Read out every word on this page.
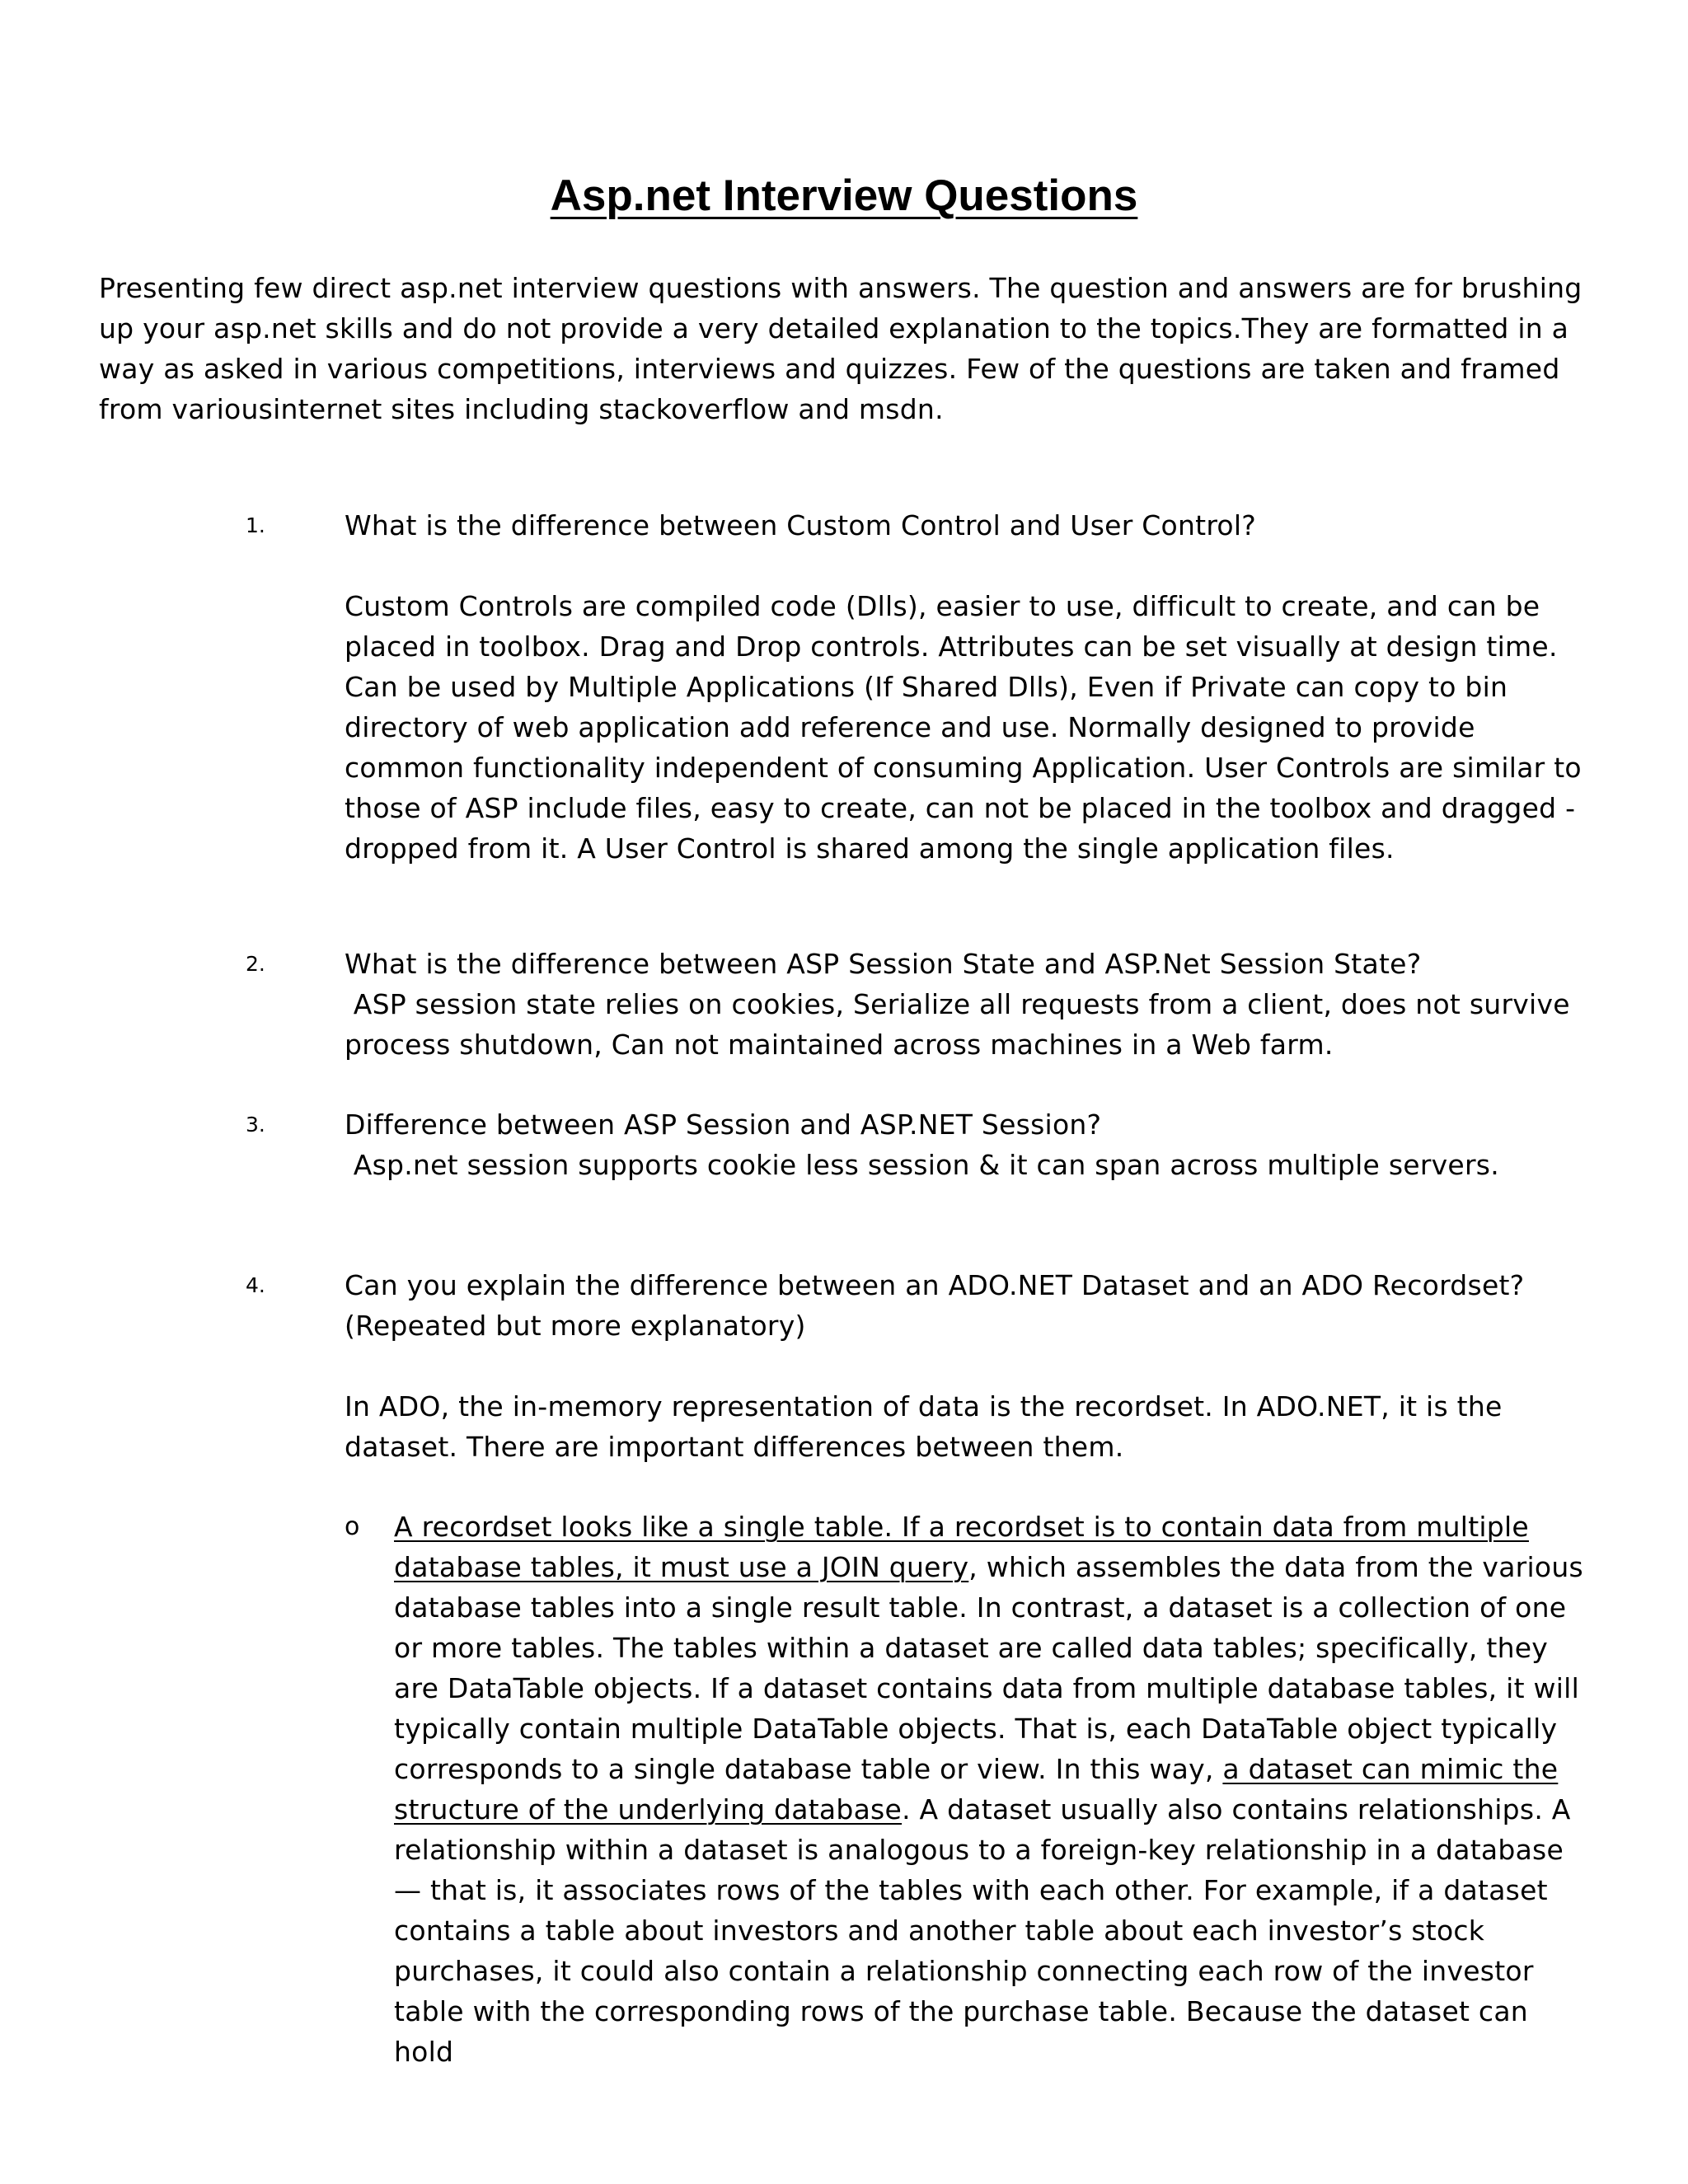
Asp.net Interview Questions
Presenting few direct asp.net interview questions with answers. The question and answers are for brushing up your asp.net skills and do not provide a very detailed explanation to the topics.They are formatted in a way as asked in various competitions, interviews and quizzes. Few of the questions are taken and framed from variousinternet sites including stackoverflow and msdn.
1.	What is the difference between Custom Control and User Control?

Custom Controls are compiled code (Dlls), easier to use, difficult to create, and can be placed in toolbox. Drag and Drop controls. Attributes can be set visually at design time. Can be used by Multiple Applications (If Shared Dlls), Even if Private can copy to bin directory of web application add reference and use. Normally designed to provide common functionality independent of consuming Application. User Controls are similar to those of ASP include files, easy to create, can not be placed in the toolbox and dragged - dropped from it. A User Control is shared among the single application files.

2.	What is the difference between ASP Session State and ASP.Net Session State?

ASP session state relies on cookies, Serialize all requests from a client, does not survive process shutdown, Can not maintained across machines in a Web farm.

3.	Difference between ASP Session and ASP.NET Session?

Asp.net session supports cookie less session & it can span across multiple servers.

4.	Can you explain the difference between an ADO.NET Dataset and an ADO Recordset? (Repeated but more explanatory)

In ADO, the in-memory representation of data is the recordset. In ADO.NET, it is the dataset. There are important differences between them.

o A recordset looks like a single table. If a recordset is to contain data from multiple database tables, it must use a JOIN query, which assembles the data from the various database tables into a single result table. In contrast, a dataset is a collection of one or more tables. The tables within a dataset are called data tables; specifically, they are DataTable objects. If a dataset contains data from multiple database tables, it will typically contain multiple DataTable objects. That is, each DataTable object typically corresponds to a single database table or view. In this way, a dataset can mimic the structure of the underlying database. A dataset usually also contains relationships. A relationship within a dataset is analogous to a foreign-key relationship in a database — that is, it associates rows of the tables with each other. For example, if a dataset contains a table about investors and another table about each investor’s stock purchases, it could also contain a relationship connecting each row of the investor table with the corresponding rows of the purchase table. Because the dataset can hold
